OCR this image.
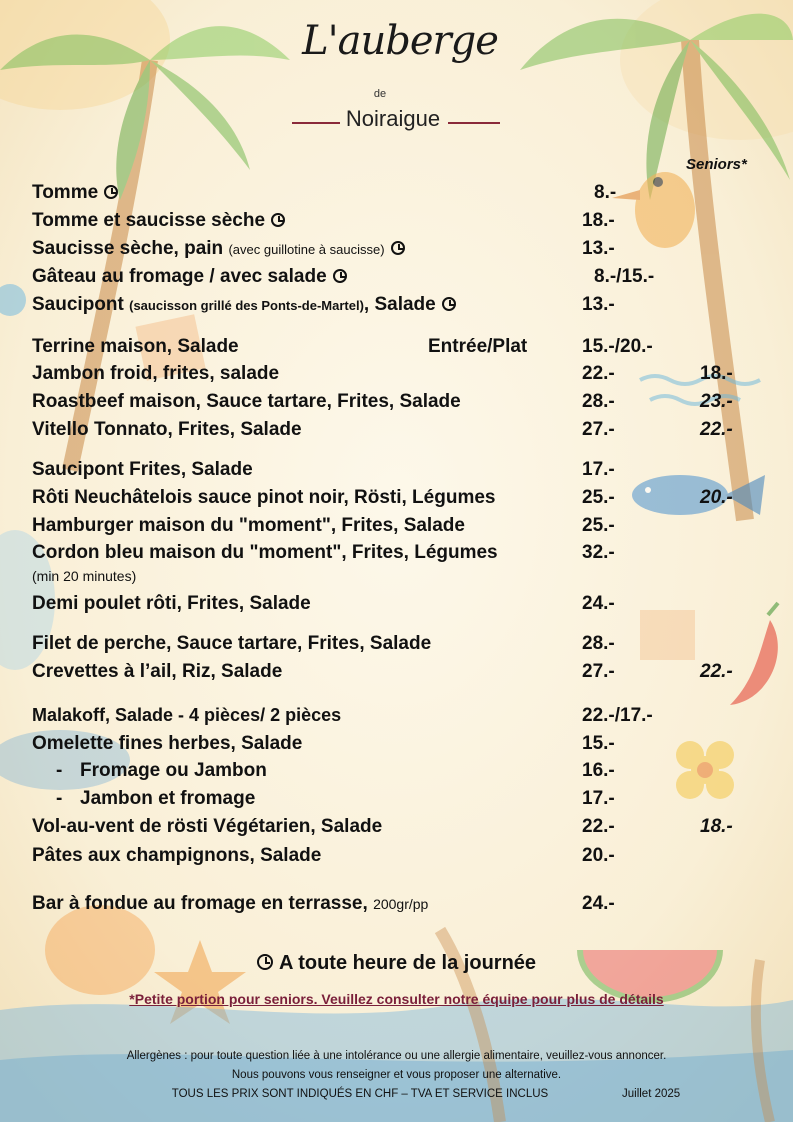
L'auberge
de
Noiraigue
Seniors*
Tomme	8.-
Tomme et saucisse sèche	18.-
Saucisse sèche, pain (avec guillotine à saucisse)	13.-
Gâteau au fromage / avec salade	8.-/15.-
Saucipont (saucisson grillé des Ponts-de-Martel), Salade	13.-
Terrine maison, Salade	Entrée/Plat	15.-/20.-
Jambon froid, frites, salade	22.-	18.-
Roastbeef maison, Sauce tartare, Frites, Salade	28.-	23.-
Vitello Tonnato, Frites, Salade	27.-	22.-
Saucipont Frites, Salade	17.-
Rôti Neuchâtelois sauce pinot noir, Rösti, Légumes	25.-	20.-
Hamburger maison du "moment", Frites, Salade	25.-
Cordon bleu maison du "moment", Frites, Légumes	32.-
(min 20 minutes)
Demi poulet rôti, Frites, Salade	24.-
Filet de perche, Sauce tartare, Frites, Salade	28.-
Crevettes à l’ail, Riz, Salade	27.-	22.-
Malakoff, Salade - 4 pièces/ 2 pièces	22.-/17.-
Omelette fines herbes, Salade	15.-
- Fromage ou Jambon	16.-
- Jambon et fromage	17.-
Vol-au-vent de rösti Végétarien, Salade	22.-	18.-
Pâtes aux champignons, Salade	20.-
Bar à fondue au fromage en terrasse, 200gr/pp	24.-
A toute heure de la journée
*Petite portion pour seniors. Veuillez consulter notre équipe pour plus de détails
Allergènes : pour toute question liée à une intolérance ou une allergie alimentaire, veuillez-vous annoncer.
Nous pouvons vous renseigner et vous proposer une alternative.
TOUS LES PRIX SONT INDIQUÉS EN CHF – TVA ET SERVICE INCLUS	Juillet 2025
